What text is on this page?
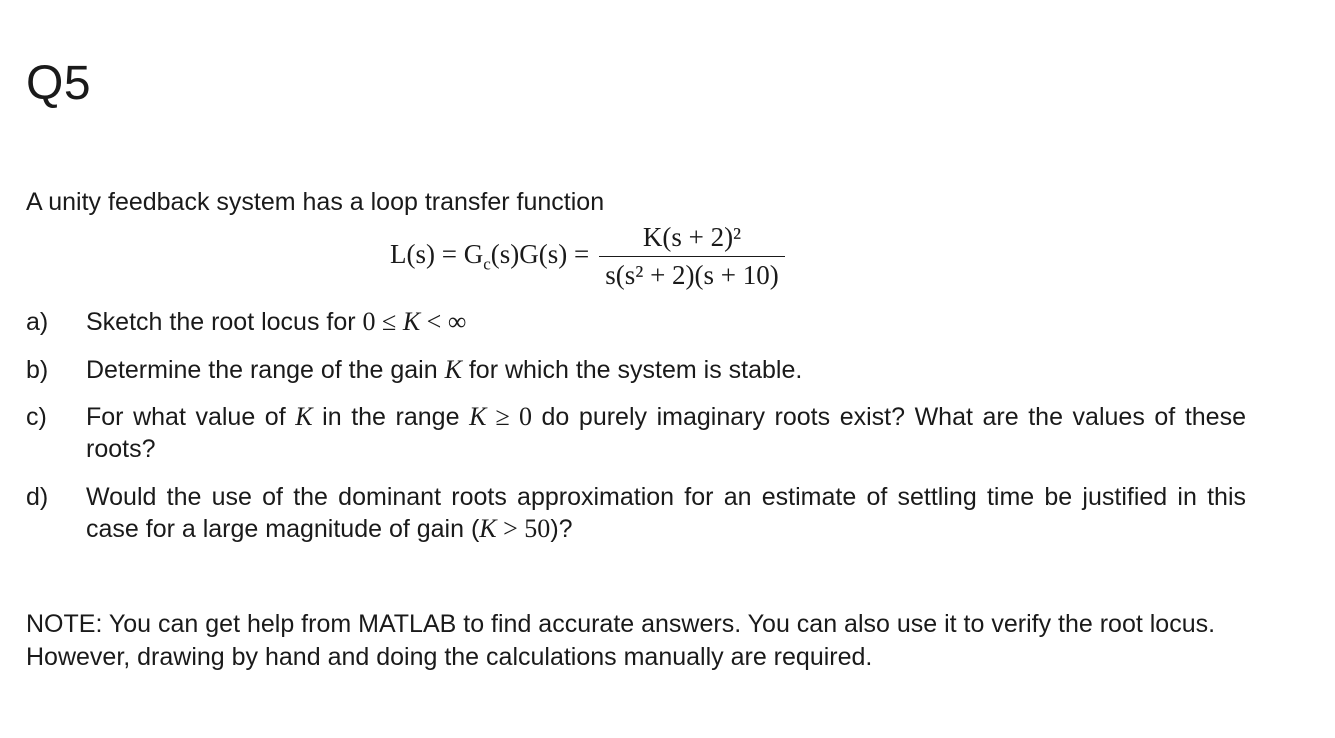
Q5
A unity feedback system has a loop transfer function
$L(s) = G_c(s)G(s) = \frac{\text{K(s + 2)²}}{\text{s(s² + 2)(s + 10)}}$
a) Sketch the root locus for 0 ≤ K < ∞
b) Determine the range of the gain K for which the system is stable.
c) For what value of K in the range K ≥ 0 do purely imaginary roots exist? What are the values of these roots?
d) Would the use of the dominant roots approximation for an estimate of settling time be justified in this case for a large magnitude of gain (K > 50)?
NOTE: You can get help from MATLAB to find accurate answers. You can also use it to verify the root locus. However, drawing by hand and doing the calculations manually are required.
